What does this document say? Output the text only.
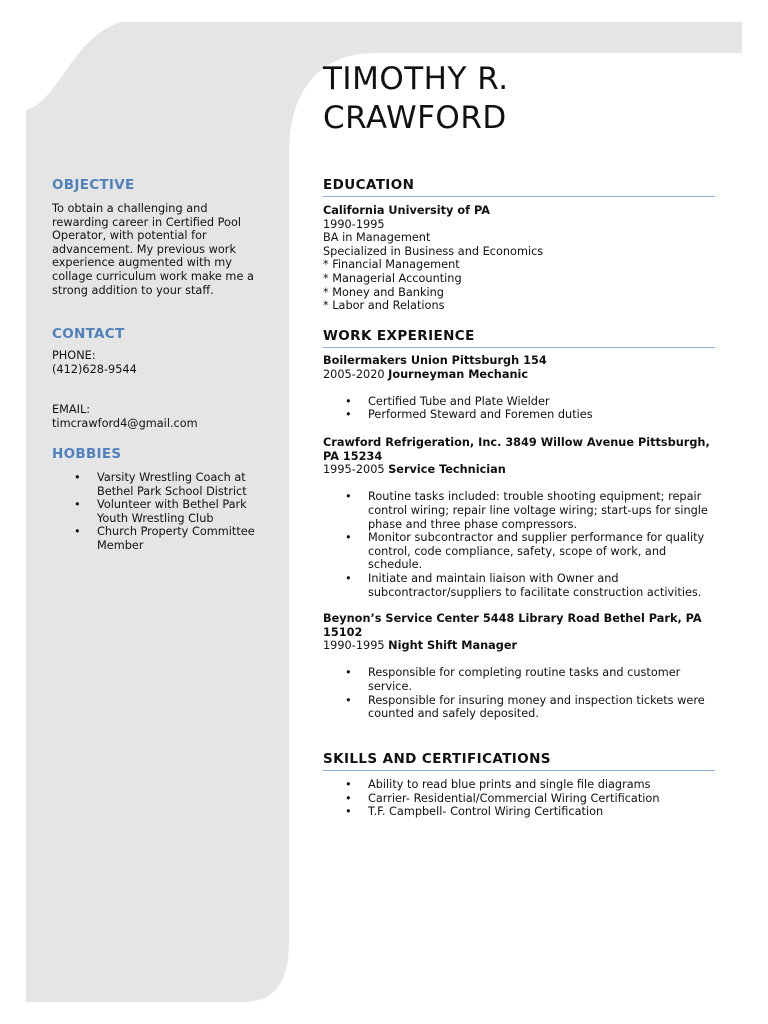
TIMOTHY R.
CRAWFORD
OBJECTIVE
To obtain a challenging and rewarding career in Certified Pool Operator, with potential for advancement. My previous work experience augmented with my collage curriculum work make me a strong addition to your staff.
CONTACT
PHONE:
(412)628-9544
EMAIL:
timcrawford4@gmail.com
HOBBIES
• Varsity Wrestling Coach at Bethel Park School District
• Volunteer with Bethel Park Youth Wrestling Club
• Church Property Committee Member
EDUCATION
California University of PA
1990-1995
BA in Management
Specialized in Business and Economics
* Financial Management
* Managerial Accounting
* Money and Banking
* Labor and Relations
WORK EXPERIENCE
Boilermakers Union Pittsburgh 154
2005-2020 Journeyman Mechanic
• Certified Tube and Plate Wielder
• Performed Steward and Foremen duties
Crawford Refrigeration, Inc. 3849 Willow Avenue Pittsburgh, PA 15234
1995-2005 Service Technician
• Routine tasks included: trouble shooting equipment; repair control wiring; repair line voltage wiring; start-ups for single phase and three phase compressors.
• Monitor subcontractor and supplier performance for quality control, code compliance, safety, scope of work, and schedule.
• Initiate and maintain liaison with Owner and subcontractor/suppliers to facilitate construction activities.
Beynon’s Service Center 5448 Library Road Bethel Park, PA 15102
1990-1995 Night Shift Manager
• Responsible for completing routine tasks and customer service.
• Responsible for insuring money and inspection tickets were counted and safely deposited.
SKILLS AND CERTIFICATIONS
• Ability to read blue prints and single file diagrams
• Carrier- Residential/Commercial Wiring Certification
• T.F. Campbell- Control Wiring Certification
